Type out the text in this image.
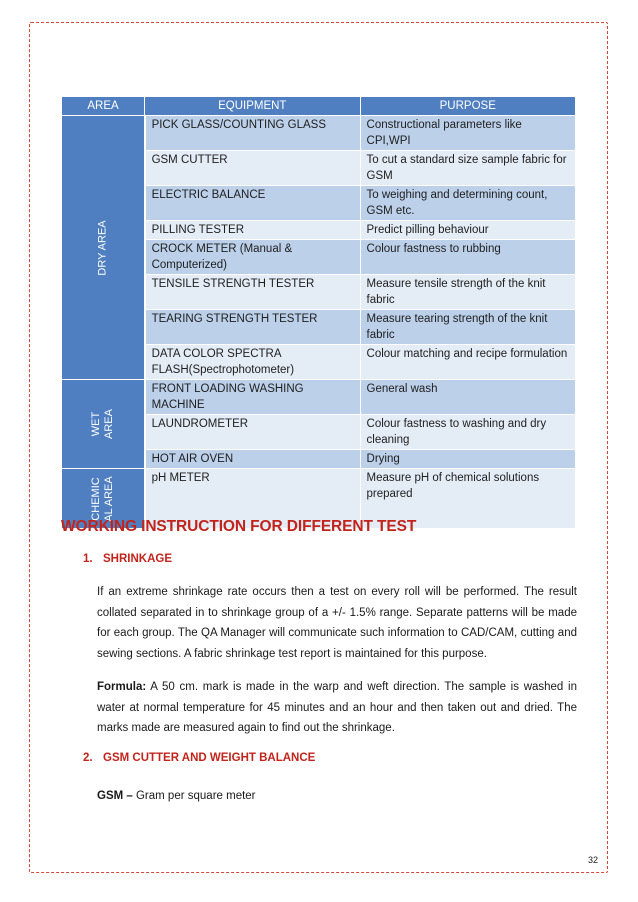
AREA	EQUIPMENT	PURPOSE

DRY AREA	PICK GLASS/COUNTING GLASS	Constructional parameters like CPI,WPI
	GSM CUTTER	To cut a standard size sample fabric for GSM
	ELECTRIC BALANCE	To weighing and determining count, GSM etc.
	PILLING TESTER	Predict pilling behaviour
	CROCK METER (Manual & Computerized)	Colour fastness to rubbing
	TENSILE STRENGTH TESTER	Measure tensile strength of the knit fabric
	TEARING STRENGTH TESTER	Measure tearing strength of the knit fabric
	DATA COLOR SPECTRA FLASH(Spectrophotometer)	Colour matching and recipe formulation

WET AREA	FRONT LOADING WASHING MACHINE	General wash
	LAUNDROMETER	Colour fastness to washing and dry cleaning
	HOT AIR OVEN	Drying

CHEMIC AL AREA	pH METER	Measure pH of chemical solutions prepared
WORKING INSTRUCTION FOR DIFFERENT TEST
1. SHRINKAGE

If an extreme shrinkage rate occurs then a test on every roll will be performed. The result collated separated in to shrinkage group of a +/- 1.5% range. Separate patterns will be made for each group. The QA Manager will communicate such information to CAD/CAM, cutting and sewing sections. A fabric shrinkage test report is maintained for this purpose.

Formula: A 50 cm. mark is made in the warp and weft direction. The sample is washed in water at normal temperature for 45 minutes and an hour and then taken out and dried. The marks made are measured again to find out the shrinkage.

2. GSM CUTTER AND WEIGHT BALANCE

GSM – Gram per square meter

32
